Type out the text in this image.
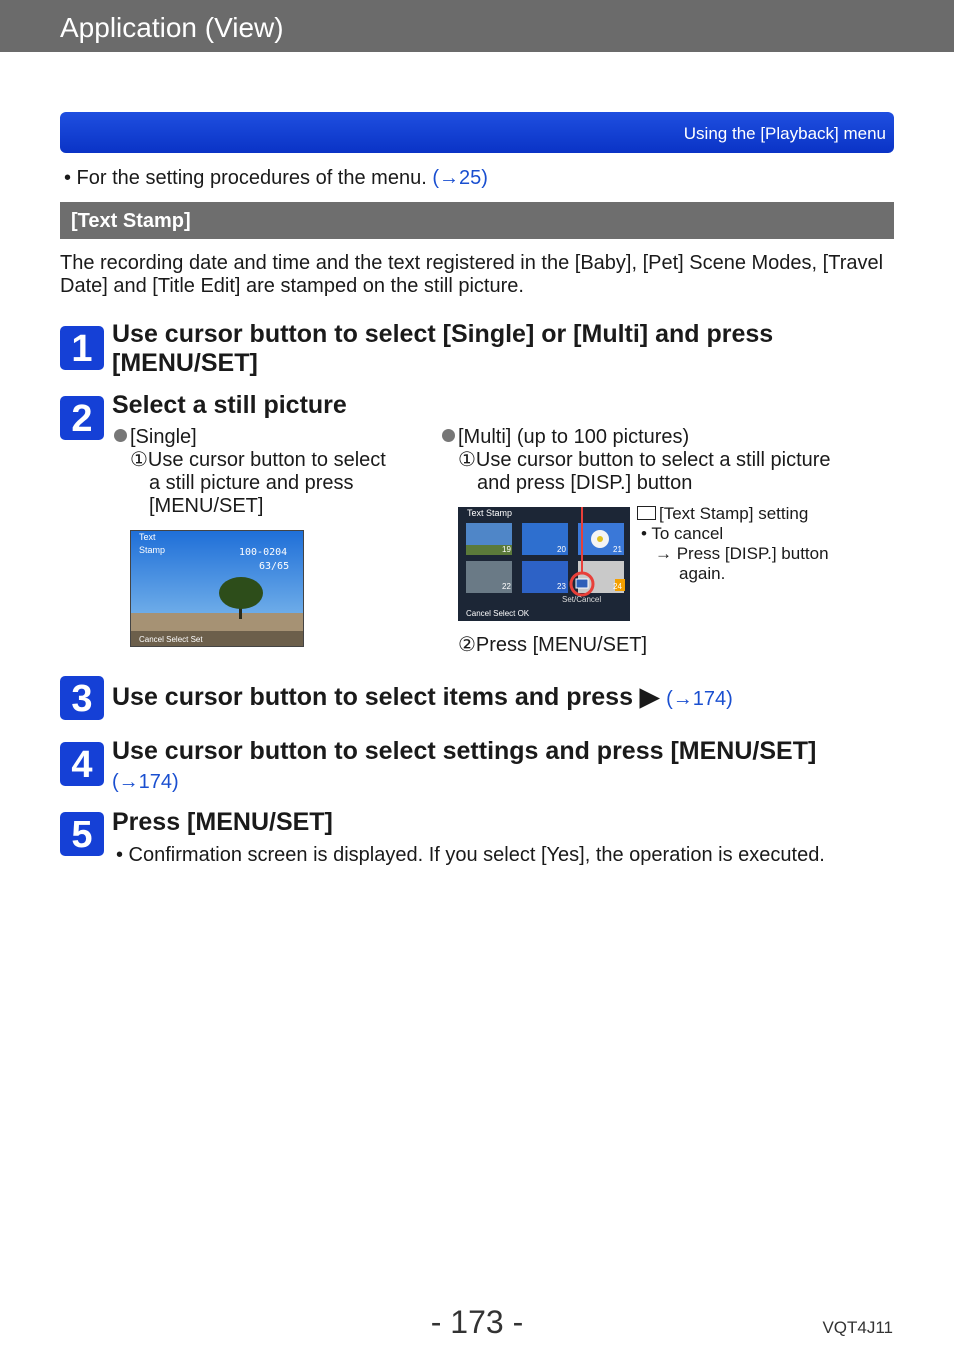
Application (View)
Using the [Playback] menu
• For the setting procedures of the menu. (→25)
[Text Stamp]
The recording date and time and the text registered in the [Baby], [Pet] Scene Modes, [Travel Date] and [Title Edit] are stamped on the still picture.
1 Use cursor button to select [Single] or [Multi] and press
[MENU/SET]
2 Select a still picture
[Single]
①Use cursor button to select
a still picture and press
[MENU/SET]
Text
Stamp	100-0204
63/65
Cancel Select Set
[Multi] (up to 100 pictures)
①Use cursor button to select a still picture
and press [DISP.] button
Text Stamp
19	20	21
22	23	24
Set/Cancel
Cancel Select OK
[Text Stamp] setting
• To cancel
→ Press [DISP.] button
again.
②Press [MENU/SET]
3 Use cursor button to select items and press ▶ (→174)
4 Use cursor button to select settings and press [MENU/SET]
(→174)
5 Press [MENU/SET]
• Confirmation screen is displayed. If you select [Yes], the operation is executed.
- 173 -	VQT4J11
